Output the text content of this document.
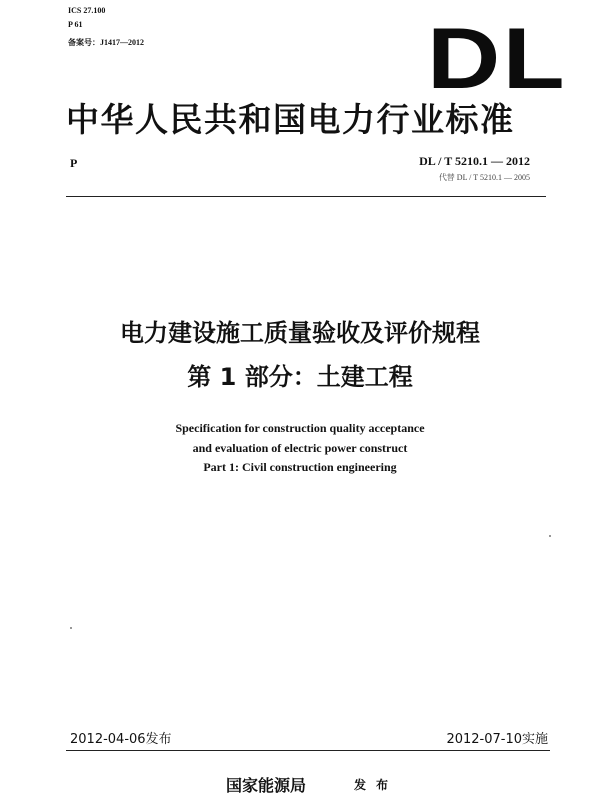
ICS 27.100
P 61
备案号：J1417—2012	DL
中华人民共和国电力行业标准
P	DL / T 5210.1 — 2012
代替 DL / T 5210.1 — 2005
电力建设施工质量验收及评价规程
第 1 部分：土建工程
Specification for construction quality acceptance
and evaluation of electric power construct
Part 1: Civil construction engineering
2012-04-06发布	2012-07-10实施
国家能源局	发布
